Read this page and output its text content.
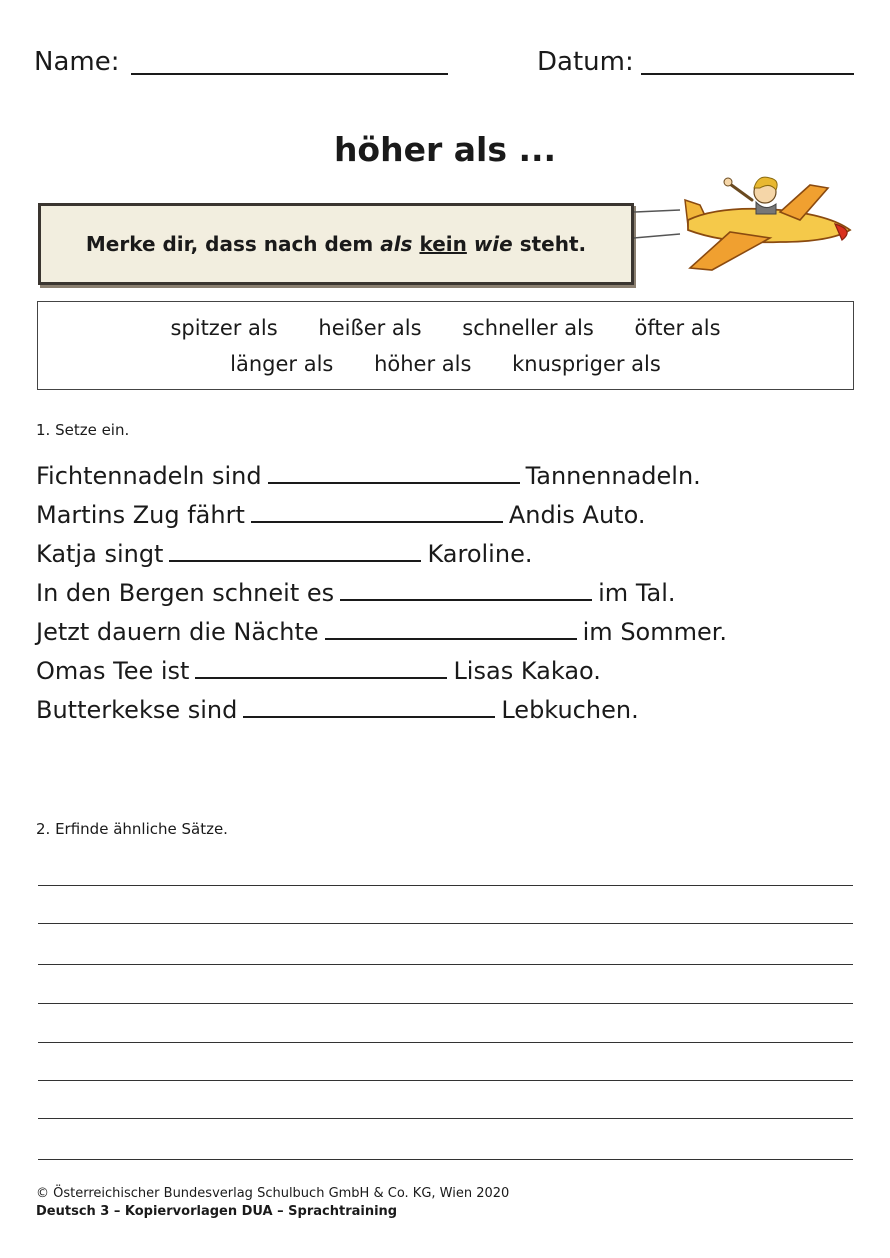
Name:	Datum:
höher als ...
Merke dir, dass nach dem als kein wie steht.
spitzer als heißer als schneller als öfter als
länger als höher als knuspriger als
1. Setze ein.
Fichtennadeln sind	Tannennadeln.
Martins Zug fährt	Andis Auto.
Katja singt	Karoline.
In den Bergen schneit es	im Tal.
Jetzt dauern die Nächte	im Sommer.
Omas Tee ist	Lisas Kakao.
Butterkekse sind	Lebkuchen.
2. Erfinde ähnliche Sätze.
© Österreichischer Bundesverlag Schulbuch GmbH & Co. KG, Wien 2020
Deutsch 3 – Kopiervorlagen DUA – Sprachtraining
